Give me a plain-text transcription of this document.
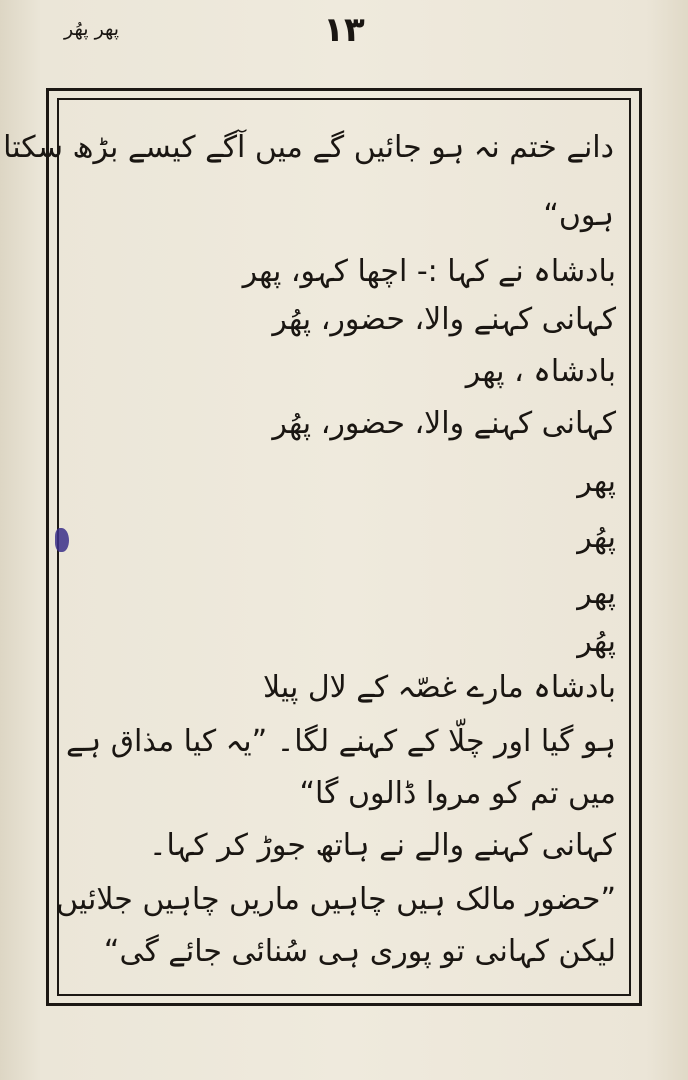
پھر پھُر	۱۳
دانے ختم نہ ہو جائیں گے میں آگے کیسے بڑھ سکتا
ہوں“
بادشاہ نے کہا :- اچھا کہو، پھر
کہانی کہنے والا، حضور، پھُر
بادشاہ ، پھر
کہانی کہنے والا، حضور، پھُر
پھر
پھُر
پھر
پھُر
بادشاہ مارے غصّہ کے لال پیلا
ہو گیا اور چلّا کے کہنے لگا۔ ”یہ کیا مذاق ہے
میں تم کو مروا ڈالوں گا“
کہانی کہنے والے نے ہاتھ جوڑ کر کہا۔
”حضور مالک ہیں چاہیں ماریں چاہیں جلائیں
لیکن کہانی تو پوری ہی سُنائی جائے گی“
